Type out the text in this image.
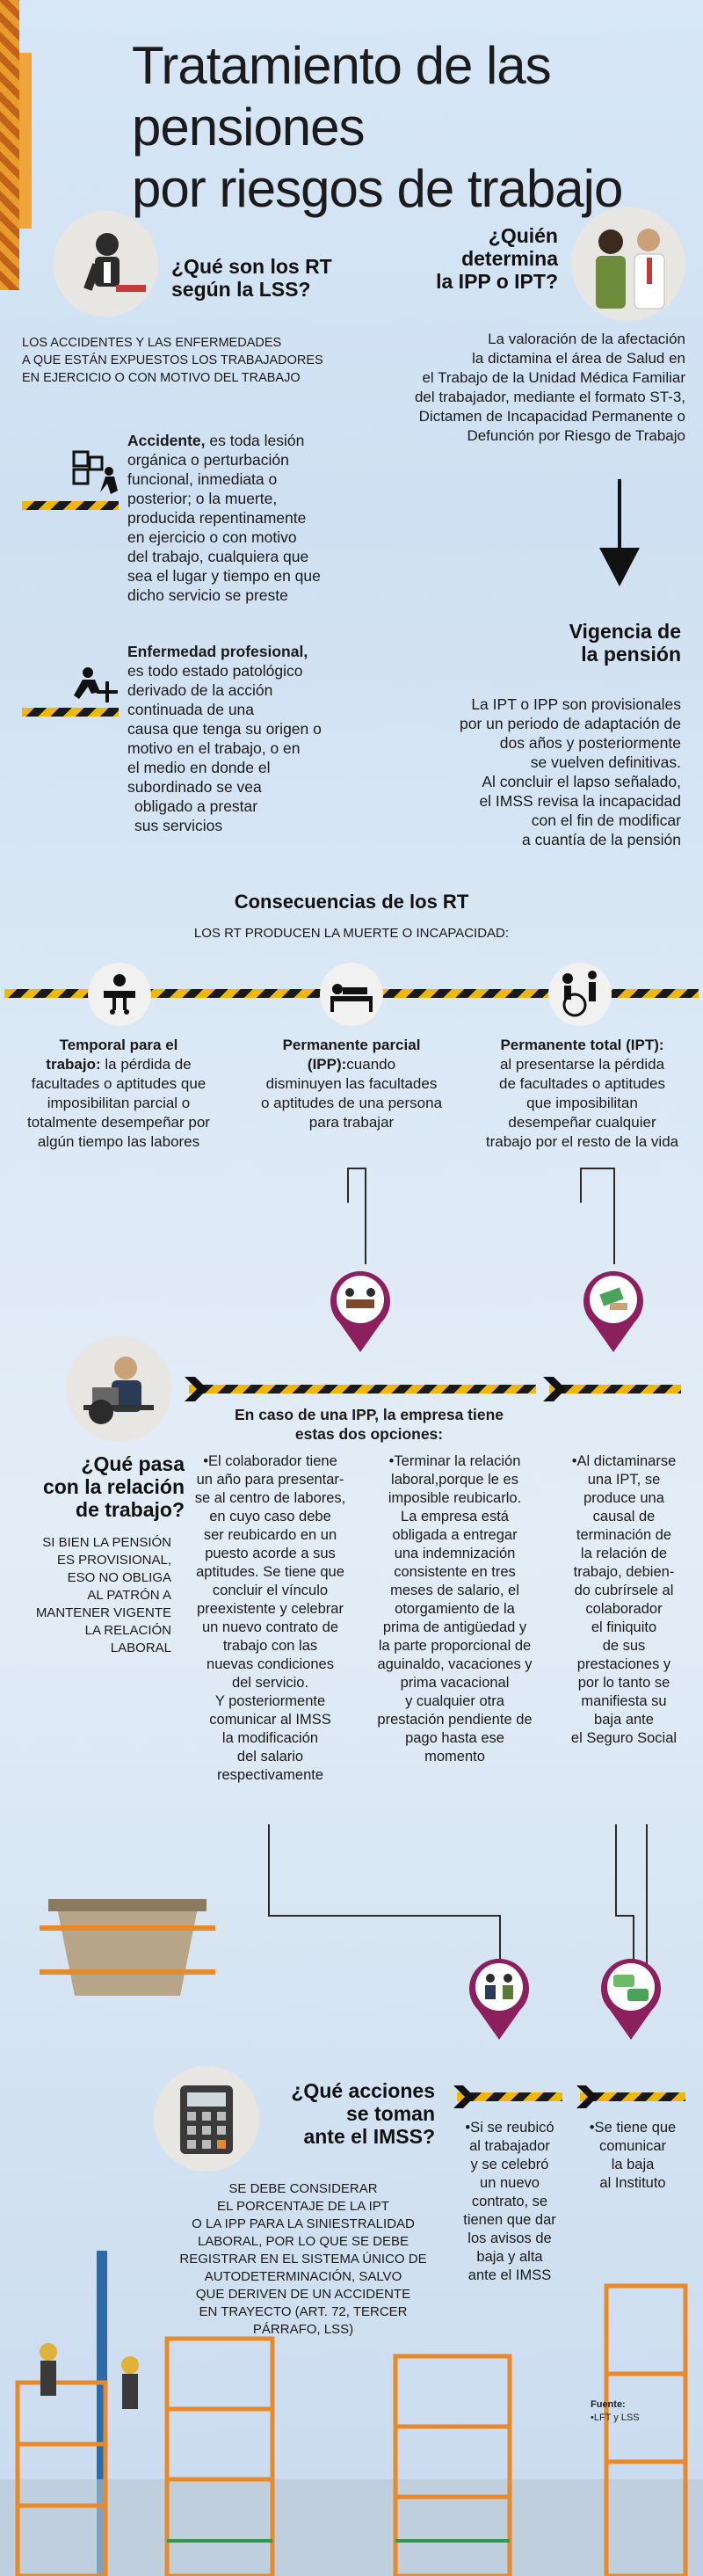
Tratamiento de las pensiones
por riesgos de trabajo
¿Qué son los RT
según la LSS?
LOS ACCIDENTES Y LAS ENFERMEDADES
A QUE ESTÁN EXPUESTOS LOS TRABAJADORES
EN EJERCICIO O CON MOTIVO DEL TRABAJO
Accidente, es toda lesión
orgánica o perturbación
funcional, inmediata o
posterior; o la muerte,
producida repentinamente
en ejercicio o con motivo
del trabajo, cualquiera que
sea el lugar y tiempo en que
dicho servicio se preste
Enfermedad profesional,
es todo estado patológico
derivado de la acción
continuada de una
causa que tenga su origen o
motivo en el trabajo, o en
el medio en donde el
subordinado se vea
obligado a prestar
sus servicios
¿Quién
determina
la IPP o IPT?
La valoración de la afectación
la dictamina el área de Salud en
el Trabajo de la Unidad Médica Familiar
del trabajador, mediante el formato ST-3,
Dictamen de Incapacidad Permanente o
Defunción por Riesgo de Trabajo
Vigencia de
la pensión
La IPT o IPP son provisionales
por un periodo de adaptación de
dos años y posteriormente
se vuelven definitivas.
Al concluir el lapso señalado,
el IMSS revisa la incapacidad
con el fin de modificar
a cuantía de la pensión
Consecuencias de los RT
LOS RT PRODUCEN LA MUERTE O INCAPACIDAD:
Temporal para el
trabajo: la pérdida de
facultades o aptitudes que
imposibilitan parcial o
totalmente desempeñar por
algún tiempo las labores
Permanente parcial
(IPP):cuando
disminuyen las facultades
o aptitudes de una persona
para trabajar
Permanente total (IPT):
al presentarse la pérdida
de facultades o aptitudes
que imposibilitan
desempeñar cualquier
trabajo por el resto de la vida
¿Qué pasa
con la relación
de trabajo?
SI BIEN LA PENSIÓN
ES PROVISIONAL,
ESO NO OBLIGA
AL PATRÓN A
MANTENER VIGENTE
LA RELACIÓN
LABORAL
En caso de una IPP, la empresa tiene
estas dos opciones:
•El colaborador tiene
un año para presentar-
se al centro de labores,
en cuyo caso debe
ser reubicardo en un
puesto acorde a sus
aptitudes. Se tiene que
concluir el vínculo
preexistente y celebrar
un nuevo contrato de
trabajo con las
nuevas condiciones
del servicio.
Y posteriormente
comunicar al IMSS
la modificación
del salario
respectivamente
•Terminar la relación
laboral,porque le es
imposible reubicarlo.
La empresa está
obligada a entregar
una indemnización
consistente en tres
meses de salario, el
otorgamiento de la
prima de antigüedad y
la parte proporcional de
aguinaldo, vacaciones y
prima vacacional
y cualquier otra
prestación pendiente de
pago hasta ese
momento
•Al dictaminarse
una IPT, se
produce una
causal de
terminación de
la relación de
trabajo, debien-
do cubrírsele al
colaborador
el finiquito
de sus
prestaciones y
por lo tanto se
manifiesta su
baja ante
el Seguro Social
¿Qué acciones
se toman
ante el IMSS?
SE DEBE CONSIDERAR
EL PORCENTAJE DE LA IPT
O LA IPP PARA LA SINIESTRALIDAD
LABORAL, POR LO QUE SE DEBE
REGISTRAR EN EL SISTEMA ÚNICO DE
AUTODETERMINACIÓN, SALVO
QUE DERIVEN DE UN ACCIDENTE
EN TRAYECTO (ART. 72, TERCER
PÁRRAFO, LSS)
•Si se reubicó
al trabajador
y se celebró
un nuevo
contrato, se
tienen que dar
los avisos de
baja y alta
ante el IMSS
•Se tiene que
comunicar
la baja
al Instituto
Fuente:
•LFT y LSS
